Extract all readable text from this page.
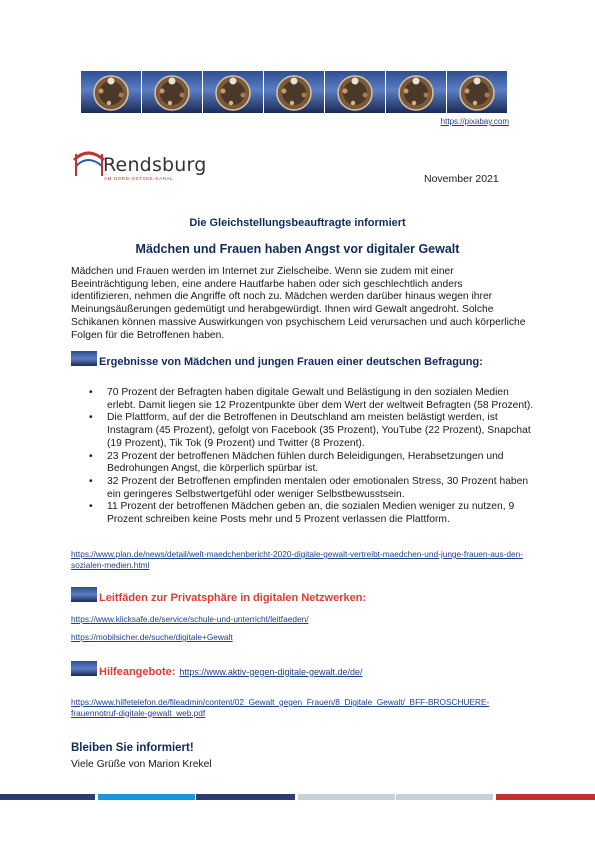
https://pixabay.com
Rendsburg
AM NORD-OSTSEE-KANAL	November 2021
Die Gleichstellungsbeauftragte informiert
Mädchen und Frauen haben Angst vor digitaler Gewalt
Mädchen und Frauen werden im Internet zur Zielscheibe. Wenn sie zudem mit einer Beeinträchtigung leben, eine andere Hautfarbe haben oder sich geschlechtlich anders identifizieren, nehmen die Angriffe oft noch zu. Mädchen werden darüber hinaus wegen ihrer Meinungsäußerungen gedemütigt und herabgewürdigt. Ihnen wird Gewalt angedroht. Solche Schikanen können massive Auswirkungen von psychischem Leid verursachen und auch körperliche Folgen für die Betroffenen haben.
Ergebnisse von Mädchen und jungen Frauen einer deutschen Befragung:
• 70 Prozent der Befragten haben digitale Gewalt und Belästigung in den sozialen Medien erlebt. Damit liegen sie 12 Prozentpunkte über dem Wert der weltweit Befragten (58 Prozent).
• Die Plattform, auf der die Betroffenen in Deutschland am meisten belästigt werden, ist Instagram (45 Prozent), gefolgt von Facebook (35 Prozent), YouTube (22 Prozent), Snapchat (19 Prozent), Tik Tok (9 Prozent) und Twitter (8 Prozent).
• 23 Prozent der betroffenen Mädchen fühlen durch Beleidigungen, Herabsetzungen und Bedrohungen Angst, die körperlich spürbar ist.
• 32 Prozent der Betroffenen empfinden mentalen oder emotionalen Stress, 30 Prozent haben ein geringeres Selbstwertgefühl oder weniger Selbstbewusstsein.
• 11 Prozent der betroffenen Mädchen geben an, die sozialen Medien weniger zu nutzen, 9 Prozent schreiben keine Posts mehr und 5 Prozent verlassen die Plattform.
https://www.plan.de/news/detail/welt-maedchenbericht-2020-digitale-gewalt-vertreibt-maedchen-und-junge-frauen-aus-den-sozialen-medien.html
Leitfäden zur Privatsphäre in digitalen Netzwerken:
https://www.klicksafe.de/service/schule-und-unterricht/leitfaeden/
https://mobilsicher.de/suche/digitale+Gewalt
Hilfeangebote: https://www.aktiv-gegen-digitale-gewalt.de/de/
https://www.hilfetelefon.de/fileadmin/content/02_Gewalt_gegen_Frauen/8_Digitale_Gewalt/_BFF-BROSCHUERE-frauennotruf-digitale-gewalt_web.pdf
Bleiben Sie informiert!
Viele Grüße von Marion Krekel
